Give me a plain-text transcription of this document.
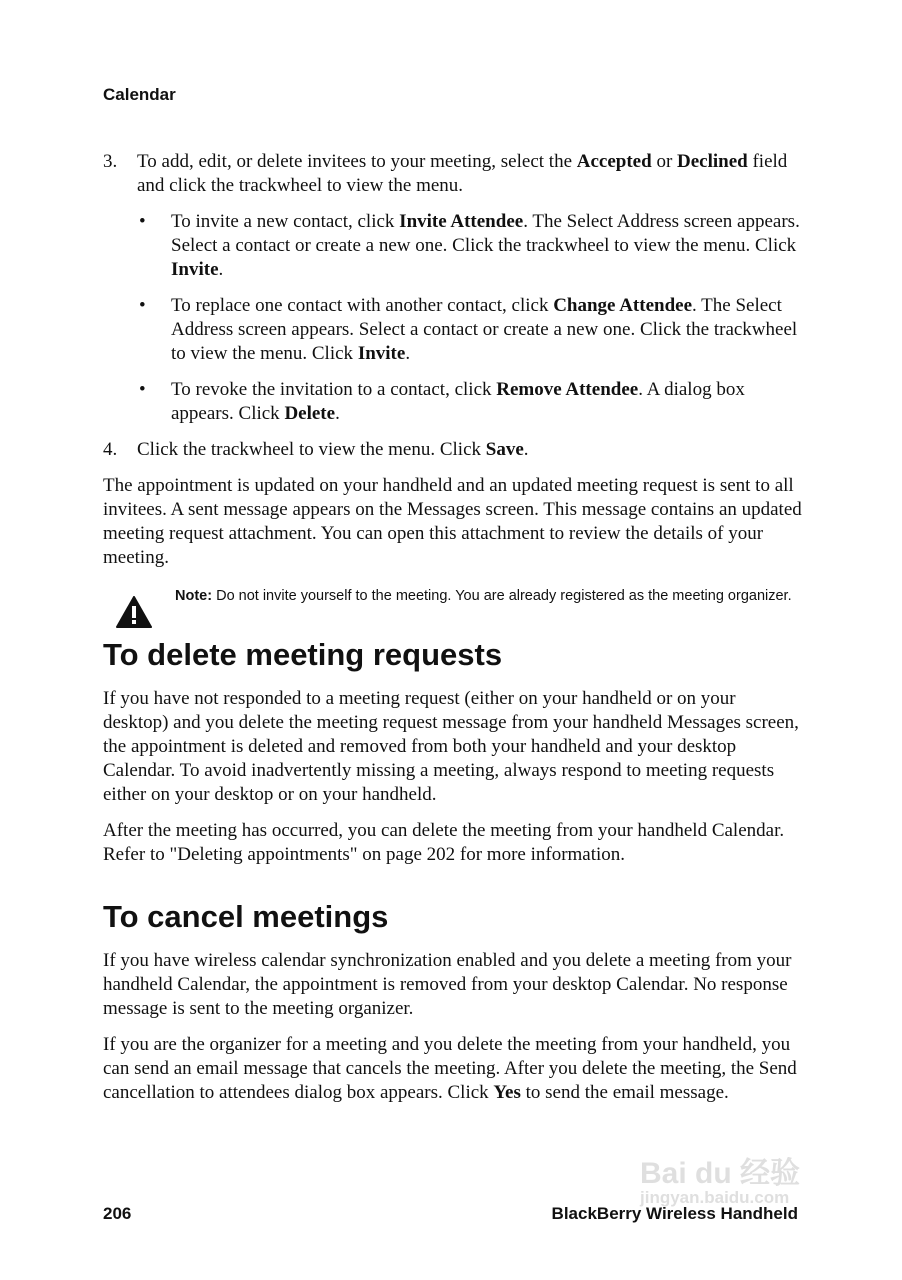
Calendar
3. To add, edit, or delete invitees to your meeting, select the Accepted or Declined field and click the trackwheel to view the menu.
• To invite a new contact, click Invite Attendee. The Select Address screen appears. Select a contact or create a new one. Click the trackwheel to view the menu. Click Invite.
• To replace one contact with another contact, click Change Attendee. The Select Address screen appears. Select a contact or create a new one. Click the trackwheel to view the menu. Click Invite.
• To revoke the invitation to a contact, click Remove Attendee. A dialog box appears. Click Delete.
4. Click the trackwheel to view the menu. Click Save.

The appointment is updated on your handheld and an updated meeting request is sent to all invitees. A sent message appears on the Messages screen. This message contains an updated meeting request attachment. You can open this attachment to review the details of your meeting.

Note: Do not invite yourself to the meeting. You are already registered as the meeting organizer.
To delete meeting requests

If you have not responded to a meeting request (either on your handheld or on your desktop) and you delete the meeting request message from your handheld Messages screen, the appointment is deleted and removed from both your handheld and your desktop Calendar. To avoid inadvertently missing a meeting, always respond to meeting requests either on your desktop or on your handheld.

After the meeting has occurred, you can delete the meeting from your handheld Calendar. Refer to "Deleting appointments" on page 202 for more information.

To cancel meetings

If you have wireless calendar synchronization enabled and you delete a meeting from your handheld Calendar, the appointment is removed from your desktop Calendar. No response message is sent to the meeting organizer.

If you are the organizer for a meeting and you delete the meeting from your handheld, you can send an email message that cancels the meeting. After you delete the meeting, the Send cancellation to attendees dialog box appears. Click Yes to send the email message.

Bai du 经验
jingyan.baidu.com
206	BlackBerry Wireless Handheld
